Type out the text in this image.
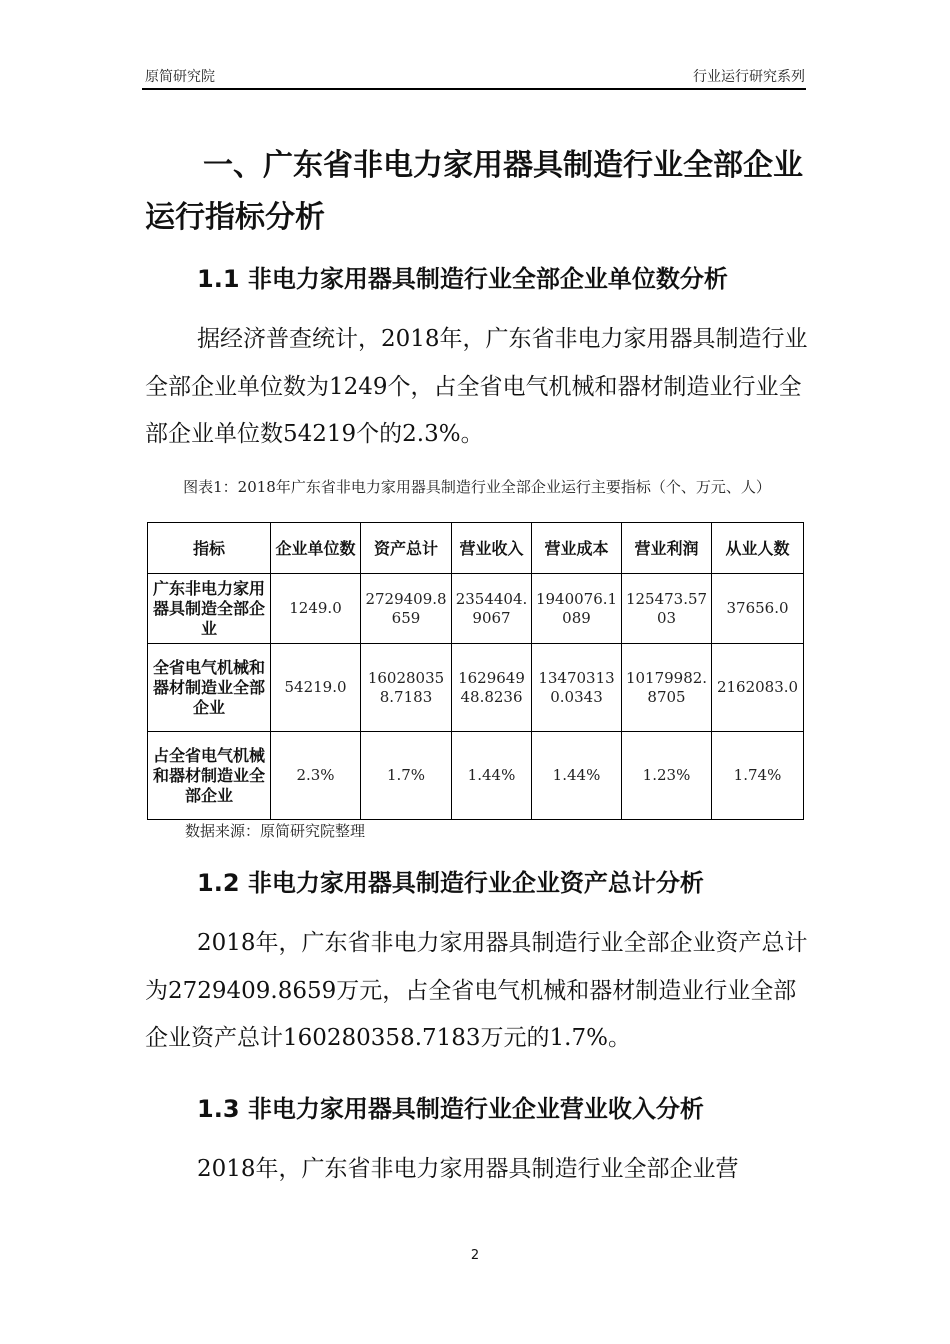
原简研究院	行业运行研究系列
一、广东省非电力家用器具制造行业全部企业运行指标分析
1.1 非电力家用器具制造行业全部企业单位数分析

据经济普查统计，2018年，广东省非电力家用器具制造行业全部企业单位数为1249个，占全省电气机械和器材制造业行业全部企业单位数54219个的2.3%。

图表1：2018年广东省非电力家用器具制造行业全部企业运行主要指标（个、万元、人）

指标	企业单位数	资产总计	营业收入	营业成本	营业利润	从业人数
广东非电力家用器具制造全部企业	1249.0	2729409.8659	2354404.9067	1940076.1089	125473.5703	37656.0
全省电气机械和器材制造业全部企业	54219.0	160280358.7183	162964948.8236	134703130.0343	10179982.8705	2162083.0
占全省电气机械和器材制造业全部企业	2.3%	1.7%	1.44%	1.44%	1.23%	1.74%
数据来源：原简研究院整理
1.2 非电力家用器具制造行业企业资产总计分析

2018年，广东省非电力家用器具制造行业全部企业资产总计为2729409.8659万元，占全省电气机械和器材制造业行业全部企业资产总计160280358.7183万元的1.7%。

1.3 非电力家用器具制造行业企业营业收入分析

2018年，广东省非电力家用器具制造行业全部企业营

2
